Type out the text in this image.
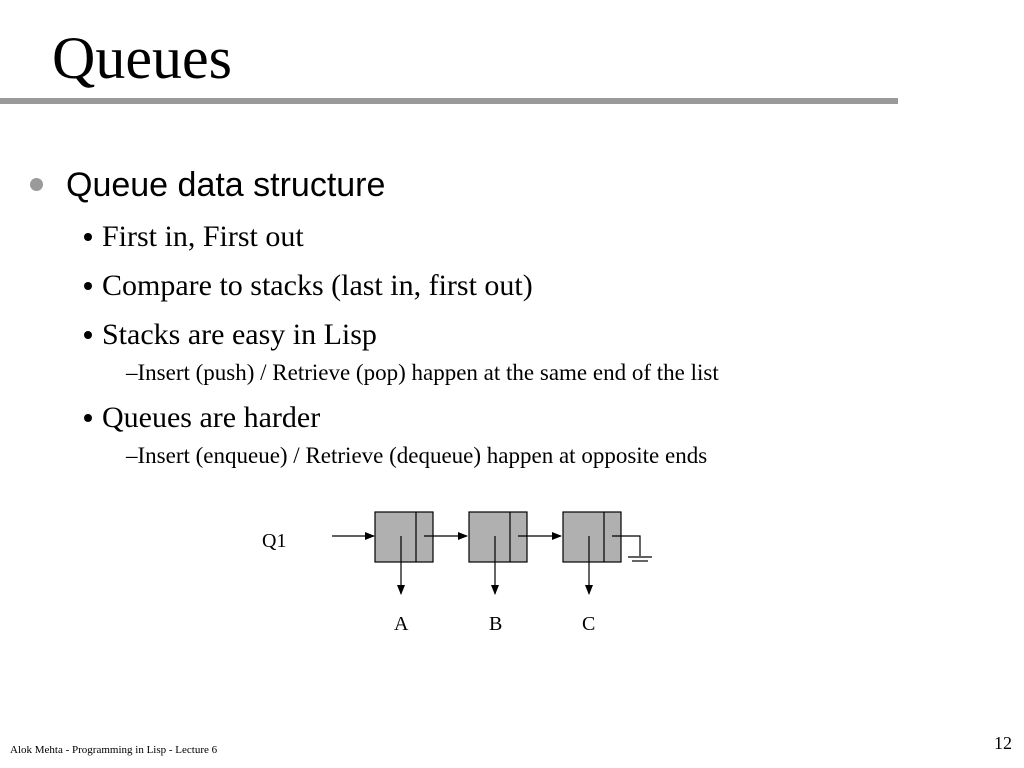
Queues
Queue data structure
First in, First out
Compare to stacks (last in, first out)
Stacks are easy in Lisp
–Insert (push) / Retrieve (pop) happen at the same end of the list
Queues are harder
–Insert (enqueue) / Retrieve (dequeue) happen at opposite ends
Q1
A	B	C
Alok Mehta - Programming in Lisp - Lecture 6	12
